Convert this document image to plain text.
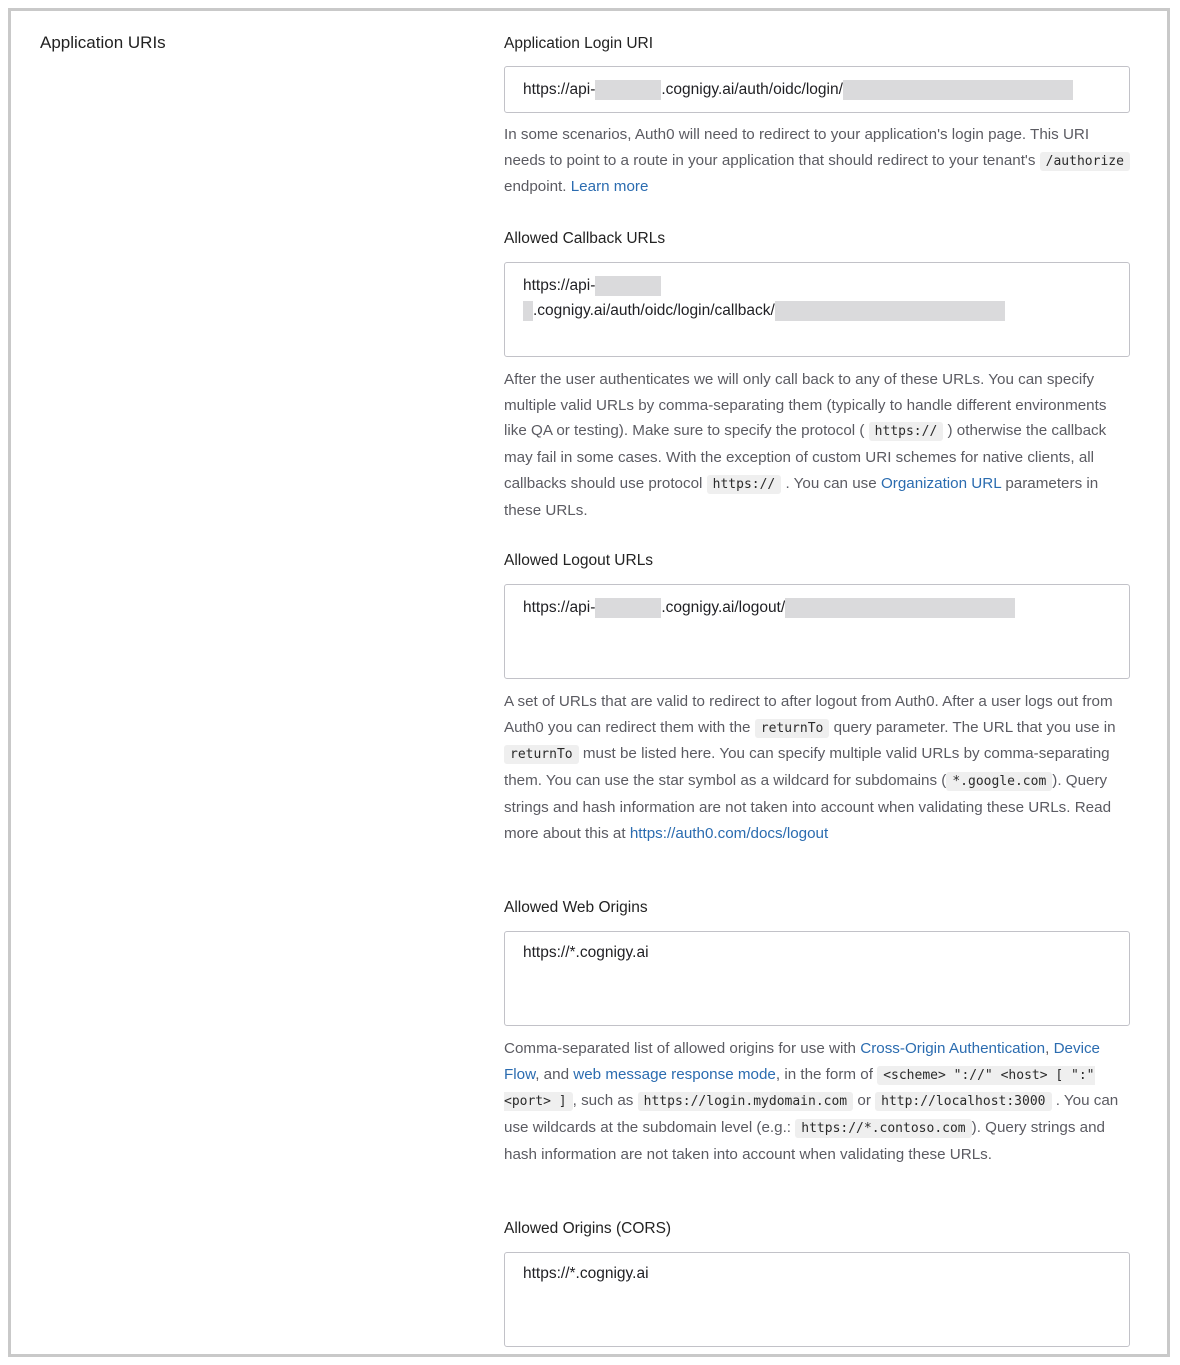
Application URIs	Application Login URI
https://api-	.cognigy.ai/auth/oidc/login/
In some scenarios, Auth0 will need to redirect to your application's login page. This URI needs to point to a route in your application that should redirect to your tenant's /authorize endpoint. Learn more
Allowed Callback URLs
https://api-
.cognigy.ai/auth/oidc/login/callback/
After the user authenticates we will only call back to any of these URLs. You can specify multiple valid URLs by comma-separating them (typically to handle different environments like QA or testing). Make sure to specify the protocol ( https:// ) otherwise the callback may fail in some cases. With the exception of custom URI schemes for native clients, all callbacks should use protocol https:// . You can use Organization URL parameters in these URLs.
Allowed Logout URLs
https://api-	.cognigy.ai/logout/
A set of URLs that are valid to redirect to after logout from Auth0. After a user logs out from Auth0 you can redirect them with the returnTo query parameter. The URL that you use in returnTo must be listed here. You can specify multiple valid URLs by comma-separating them. You can use the star symbol as a wildcard for subdomains ( *.google.com ). Query strings and hash information are not taken into account when validating these URLs. Read more about this at https://auth0.com/docs/logout
Allowed Web Origins
https://*.cognigy.ai
Comma-separated list of allowed origins for use with Cross-Origin Authentication, Device Flow, and web message response mode, in the form of <scheme> "://" <host> [ ":" <port> ] , such as https://login.mydomain.com or http://localhost:3000 . You can use wildcards at the subdomain level (e.g.: https://*.contoso.com ). Query strings and hash information are not taken into account when validating these URLs.
Allowed Origins (CORS)
https://*.cognigy.ai
